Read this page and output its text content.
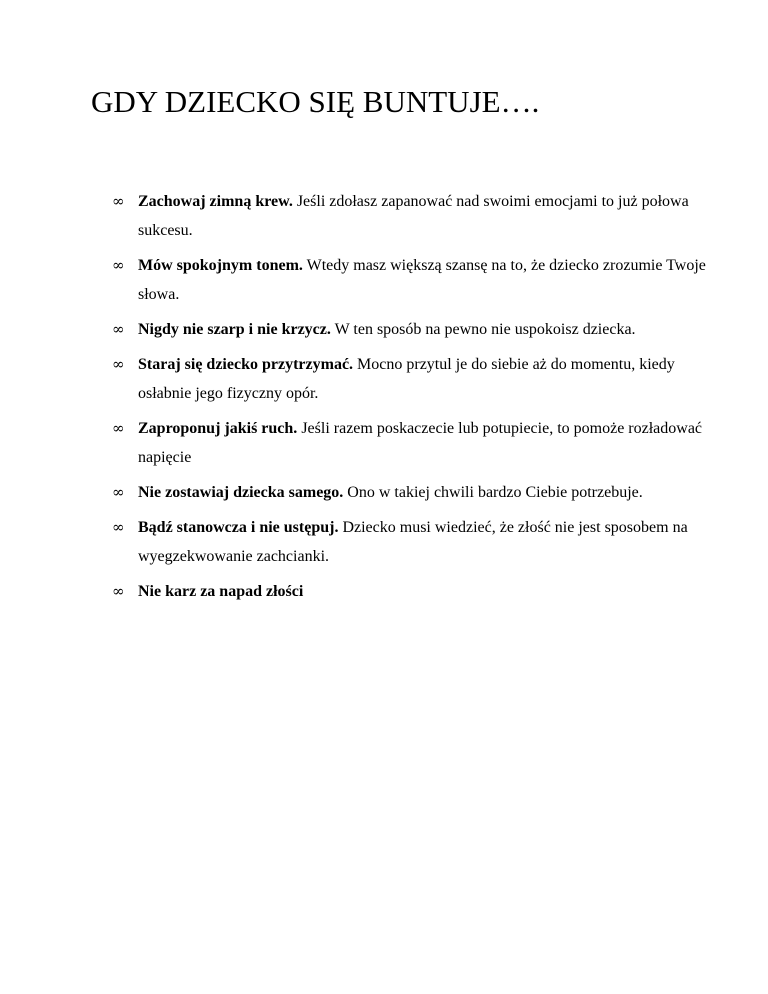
GDY DZIECKO SIĘ BUNTUJE….
∞ Zachowaj zimną krew. Jeśli zdołasz zapanować nad swoimi emocjami to już połowa sukcesu.
∞ Mów spokojnym tonem. Wtedy masz większą szansę na to, że dziecko zrozumie Twoje słowa.
∞ Nigdy nie szarp i nie krzycz. W ten sposób na pewno nie uspokoisz dziecka.
∞ Staraj się dziecko przytrzymać. Mocno przytul je do siebie aż do momentu, kiedy osłabnie jego fizyczny opór.
∞ Zaproponuj jakiś ruch. Jeśli razem poskaczecie lub potupiecie, to pomoże rozładować napięcie
∞ Nie zostawiaj dziecka samego. Ono w takiej chwili bardzo Ciebie potrzebuje.
∞ Bądź stanowcza i nie ustępuj. Dziecko musi wiedzieć, że złość nie jest sposobem na wyegzekwowanie zachcianki.
∞ Nie karz za napad złości
